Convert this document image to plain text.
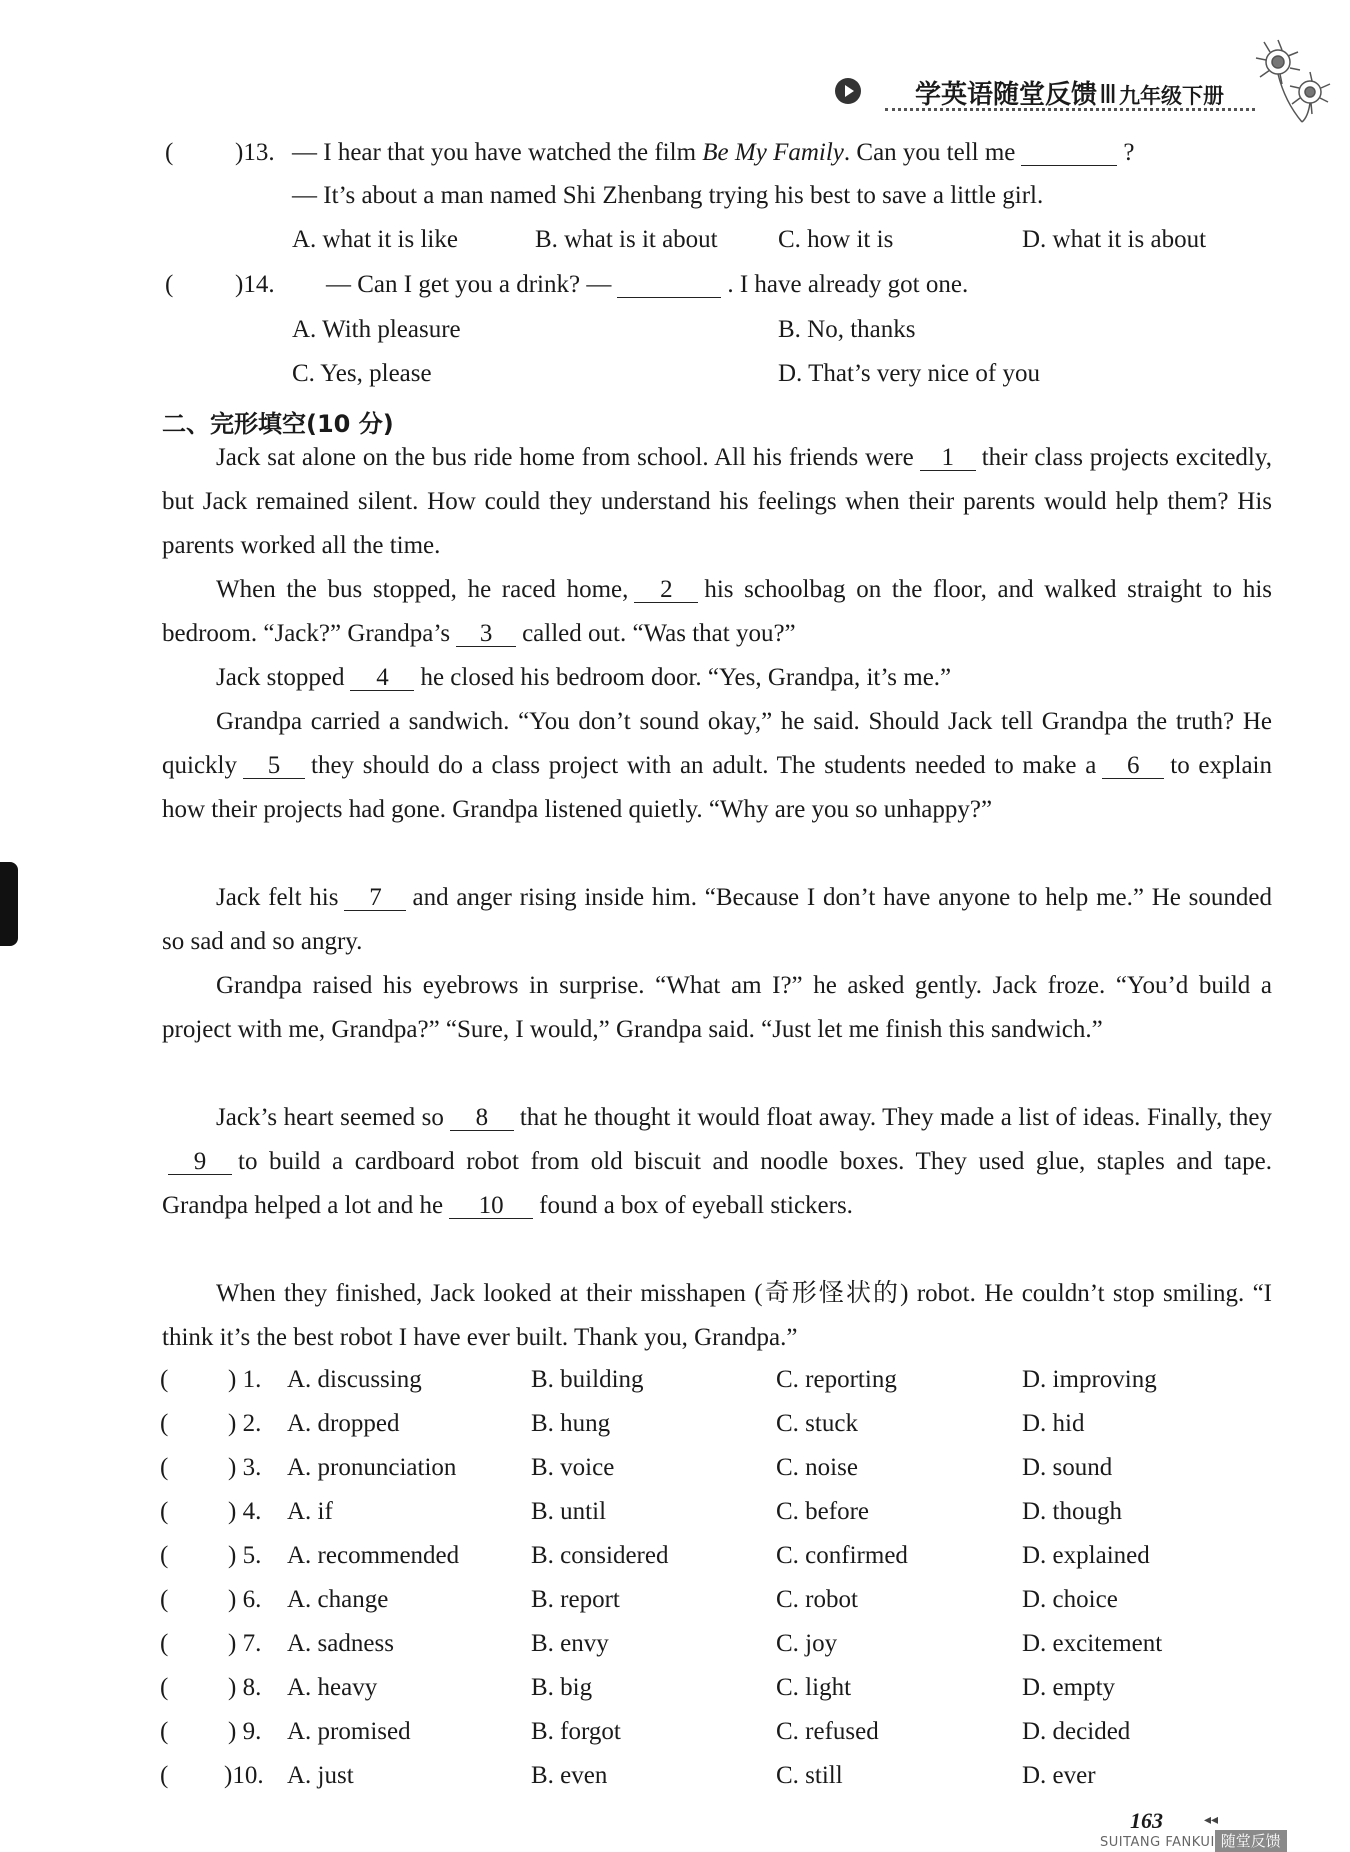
学英语随堂反馈Ⅲ九年级下册
( )13. — I hear that you have watched the film Be My Family. Can you tell me	?
— It’s about a man named Shi Zhenbang trying his best to save a little girl.
A. what it is like	B. what is it about C. how it is	D. what it is about
( )14. — Can I get you a drink? —	. I have already got one.
A. With pleasure	B. No, thanks
C. Yes, please	D. That’s very nice of you
二、完形填空(10 分)
Jack sat alone on the bus ride home from school. All his friends were 1 their class projects excitedly, but Jack remained silent. How could they understand his feelings when their parents would help them? His parents worked all the time.
When the bus stopped, he raced home, 2 his schoolbag on the floor, and walked straight to his bedroom. “Jack?” Grandpa’s 3 called out. “Was that you?”
Jack stopped 4 he closed his bedroom door. “Yes, Grandpa, it’s me.”
Grandpa carried a sandwich. “You don’t sound okay,” he said. Should Jack tell Grandpa the truth? He quickly 5 they should do a class project with an adult. The students needed to make a 6 to explain how their projects had gone. Grandpa listened quietly. “Why are you so unhappy?”
Jack felt his 7 and anger rising inside him. “Because I don’t have anyone to help me.” He sounded so sad and so angry.
Grandpa raised his eyebrows in surprise. “What am I?” he asked gently. Jack froze. “You’d build a project with me, Grandpa?” “Sure, I would,” Grandpa said. “Just let me finish this sandwich.”
Jack’s heart seemed so 8 that he thought it would float away. They made a list of ideas. Finally, they9 to build a cardboard robot from old biscuit and noodle boxes. They used glue, staples and tape. Grandpa helped a lot and he 10 found a box of eyeball stickers.
When they finished, Jack looked at their misshapen (奇形怪状的) robot. He couldn’t stop smiling. “I think it’s the best robot I have ever built. Thank you, Grandpa.”
( ) 1. A. discussing	B. building	C. reporting	D. improving
( ) 2. A. dropped	B. hung	C. stuck	D. hid
( ) 3. A. pronunciation	B. voice	C. noise	D. sound
( ) 4. A. if	B. until	C. before	D. though
( ) 5. A. recommended	B. considered	C. confirmed	D. explained
( ) 6. A. change	B. report	C. robot	D. choice
( ) 7. A. sadness	B. envy	C. joy	D. excitement
( ) 8. A. heavy	B. big	C. light	D. empty
( ) 9. A. promised	B. forgot	C. refused	D. decided
( )10. A. just	B. even	C. still	D. ever
163	◂◂
SUITANG FANKUI 随堂反馈
